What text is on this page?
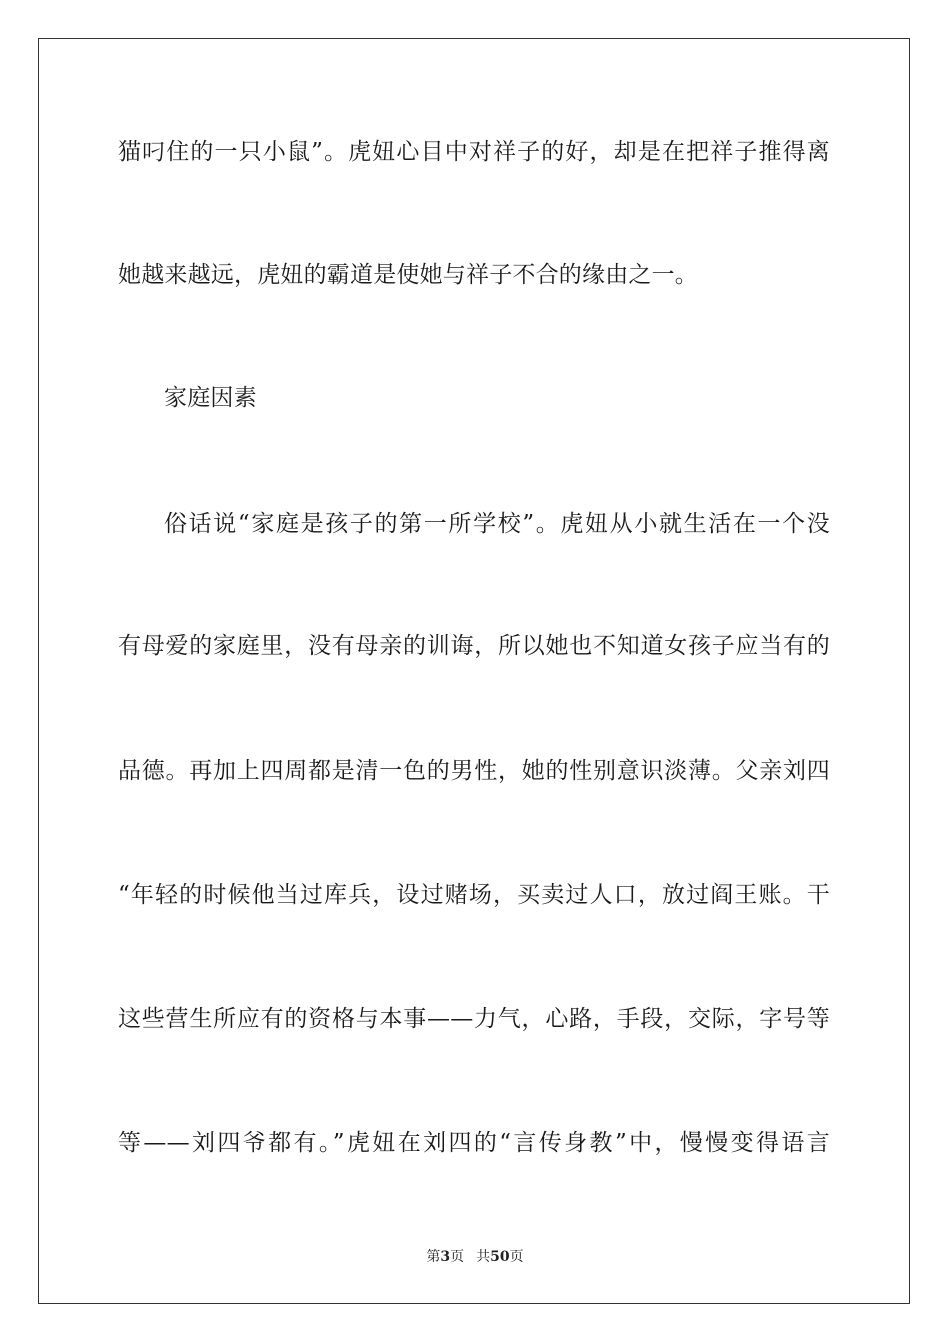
猫叼住的一只小鼠”。虎妞心目中对祥子的好，却是在把祥子推得离
她越来越远，虎妞的霸道是使她与祥子不合的缘由之一。
家庭因素
俗话说“家庭是孩子的第一所学校”。虎妞从小就生活在一个没
有母爱的家庭里，没有母亲的训诲，所以她也不知道女孩子应当有的
品德。再加上四周都是清一色的男性，她的性别意识淡薄。父亲刘四
“年轻的时候他当过库兵，设过赌场，买卖过人口，放过阎王账。干
这些营生所应有的资格与本事——力气，心路，手段，交际，字号等
等——刘四爷都有。”虎妞在刘四的“言传身教”中，慢慢变得语言
第3页 共50页
